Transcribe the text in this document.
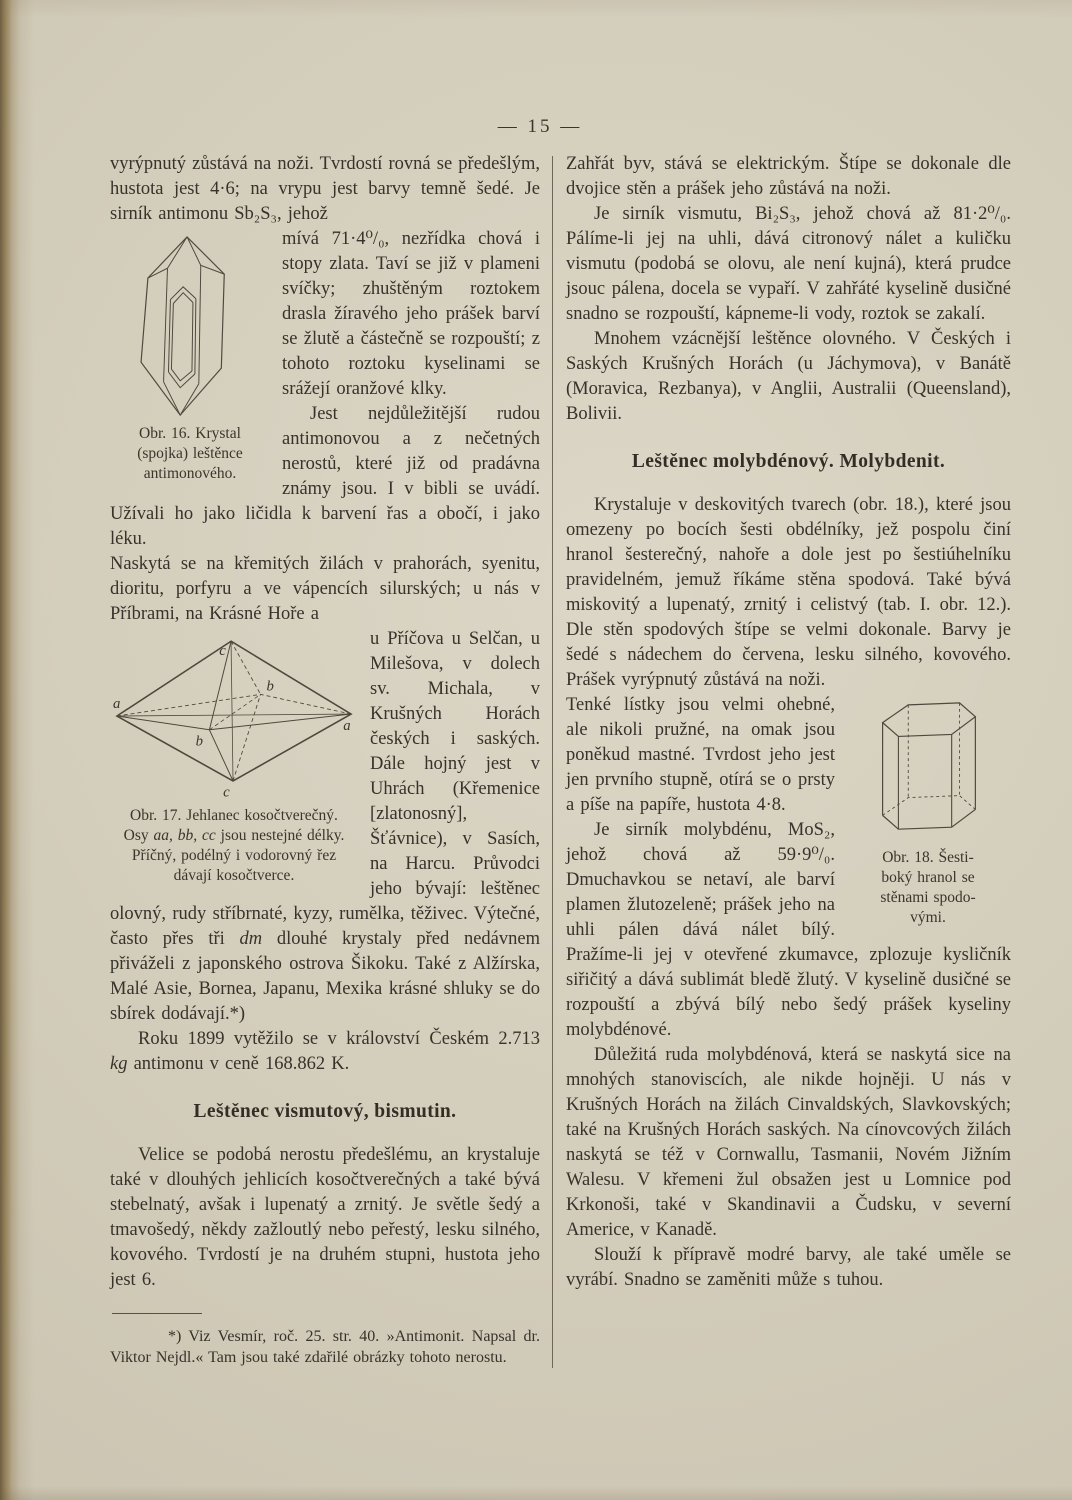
— 15 —

vyrýpnutý zůstává na noži. Tvrdostí rovná se předešlým, hustota jest 4·6; na vrypu jest barvy temně šedé. Je sirník antimonu Sb₂S₃, jehož

Obr. 16. Krystal
(spojka) leštěnce
antimonového.

mívá 71·4⁰/₀, nezřídka chová i stopy zlata. Taví se již v plameni svíčky; zhuštěným roztokem drasla žíravého jeho prášek barví se žlutě a částečně se rozpouští; z tohoto roztoku kyselinami se srážejí oranžové klky.

Jest nejdůležitější rudou antimonovou a z nečetných nerostů, které již od pradávna známy jsou. I v bibli se uvádí. Užívali ho jako ličidla k barvení řas a obočí, i jako léku.

Naskytá se na křemitých žilách v prahorách, syenitu, dioritu, porfyru a ve vápencích silurských; u nás v Příbrami, na Krásné Hoře a

c
a
a
c
b
b
Obr. 17. Jehlanec kosočtverečný.
Osy aa, bb, cc jsou nestejné délky.
Příčný, podélný i vodorovný řez
dávají kosočtverce.

u Příčova u Selčan, u Milešova, v dolech sv. Michala, v Krušných Horách českých i saských. Dále hojný jest v Uhrách (Křemenice [zlatonosný], Šťávnice), v Sasích, na Harcu. Průvodci jeho bývají: leštěnec olovný, rudy stříbrnaté, kyzy, rumělka, těživec. Výtečné, často přes tři dm dlouhé krystaly před nedávnem přiváželi z japonského ostrova Šikoku. Také z Alžírska, Malé Asie, Bornea, Japanu, Mexika krásné shluky se do sbírek dodávají.*)

Roku 1899 vytěžilo se v království Českém 2.713 kg antimonu v ceně 168.862 K.

Leštěnec vismutový, bismutin.

Velice se podobá nerostu předešlému, an krystaluje také v dlouhých jehlicích kosočtverečných a také bývá stebelnatý, avšak i lupenatý a zrnitý. Je světle šedý a tmavošedý, někdy zažloutlý nebo peřestý, lesku silného, kovového. Tvrdostí je na druhém stupni, hustota jeho jest 6.

*) Viz Vesmír, roč. 25. str. 40. »Antimonit. Napsal dr. Viktor Nejdl.« Tam jsou také zdařilé obrázky tohoto nerostu.

Zahřát byv, stává se elektrickým. Štípe se dokonale dle dvojice stěn a prášek jeho zůstává na noži.

Je sirník vismutu, Bi₂S₃, jehož chová až 81·2⁰/₀. Pálíme-li jej na uhli, dává citronový nálet a kuličku vismutu (podobá se olovu, ale není kujná), která prudce jsouc pálena, docela se vypaří. V zahřáté kyselině dusičné snadno se rozpouští, kápneme-li vody, roztok se zakalí.

Mnohem vzácnější leštěnce olovného. V Českých i Saských Krušných Horách (u Jáchymova), v Banátě (Moravica, Rezbanya), v Anglii, Australii (Queensland), Bolivii.

Leštěnec molybdénový. Molybdenit.

Krystaluje v deskovitých tvarech (obr. 18.), které jsou omezeny po bocích šesti obdélníky, jež pospolu činí hranol šesterečný, nahoře a dole jest po šestiúhelníku pravidelném, jemuž říkáme stěna spodová. Také bývá miskovitý a lupenatý, zrnitý i celistvý (tab. I. obr. 12.). Dle stěn spodových štípe se velmi dokonale. Barvy je šedé s nádechem do červena, lesku silného, kovového. Prášek vyrýpnutý zůstává na noži.

Obr. 18. Šesti-
boký hranol se
stěnami spodo-
vými.

Tenké lístky jsou velmi ohebné, ale nikoli pružné, na omak jsou poněkud mastné. Tvrdost jeho jest jen prvního stupně, otírá se o prsty a píše na papíře, hustota 4·8.

Je sirník molybdénu, MoS₂, jehož chová až 59·9⁰/₀. Dmuchavkou se netaví, ale barví plamen žlutozeleně; prášek jeho na uhli pálen dává nálet bílý. Pražíme-li jej v otevřené zkumavce, zplozuje kysličník siřičitý a dává sublimát bledě žlutý. V kyselině dusičné se rozpouští a zbývá bílý nebo šedý prášek kyseliny molybdénové.

Důležitá ruda molybdénová, která se naskytá sice na mnohých stanoviscích, ale nikde hojněji. U nás v Krušných Horách na žilách Cinvaldských, Slavkovských; také na Krušných Horách saských. Na cínovcových žilách naskytá se též v Cornwallu, Tasmanii, Novém Jižním Walesu. V křemeni žul obsažen jest u Lomnice pod Krkonoši, také v Skandinavii a Čudsku, v severní Americe, v Kanadě.

Slouží k přípravě modré barvy, ale také uměle se vyrábí. Snadno se zaměniti může s tuhou.
